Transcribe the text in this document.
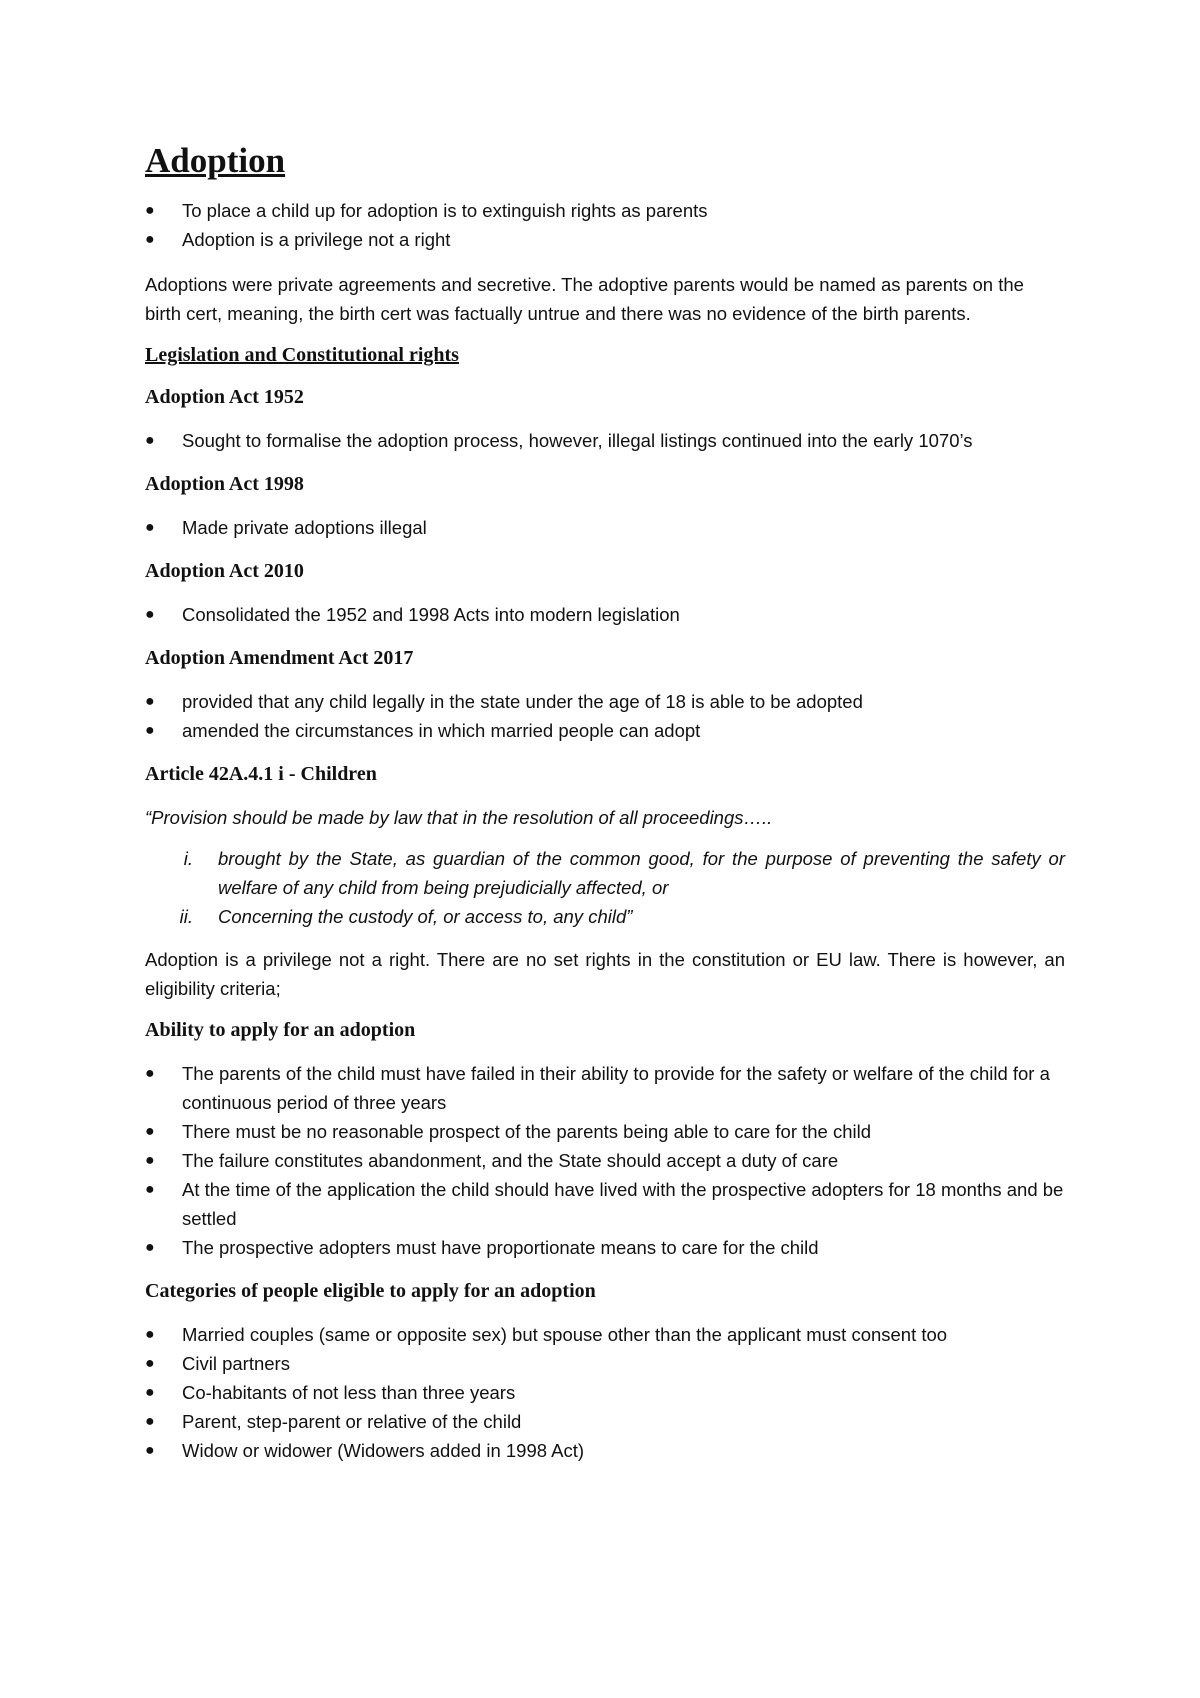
Adoption
●	To place a child up for adoption is to extinguish rights as parents
●	Adoption is a privilege not a right

Adoptions were private agreements and secretive. The adoptive parents would be named as parents on the birth cert, meaning, the birth cert was factually untrue and there was no evidence of the birth parents.

Legislation and Constitutional rights
Adoption Act 1952
●	Sought to formalise the adoption process, however, illegal listings continued into the early 1070’s
Adoption Act 1998
●	Made private adoptions illegal
Adoption Act 2010
●	Consolidated the 1952 and 1998 Acts into modern legislation
Adoption Amendment Act 2017
●	provided that any child legally in the state under the age of 18 is able to be adopted
●	amended the circumstances in which married people can adopt
Article 42A.4.1 i - Children

“Provision should be made by law that in the resolution of all proceedings…..

i. brought by the State, as guardian of the common good, for the purpose of preventing the safety or welfare of any child from being prejudicially affected, or
ii. Concerning the custody of, or access to, any child”

Adoption is a privilege not a right. There are no set rights in the constitution or EU law. There is however, an eligibility criteria;

Ability to apply for an adoption
●	The parents of the child must have failed in their ability to provide for the safety or welfare of the child for a continuous period of three years
●	There must be no reasonable prospect of the parents being able to care for the child
●	The failure constitutes abandonment, and the State should accept a duty of care
●	At the time of the application the child should have lived with the prospective adopters for 18 months and be settled
●	The prospective adopters must have proportionate means to care for the child
Categories of people eligible to apply for an adoption
●	Married couples (same or opposite sex) but spouse other than the applicant must consent too
●	Civil partners
●	Co-habitants of not less than three years
●	Parent, step-parent or relative of the child
●	Widow or widower (Widowers added in 1998 Act)
